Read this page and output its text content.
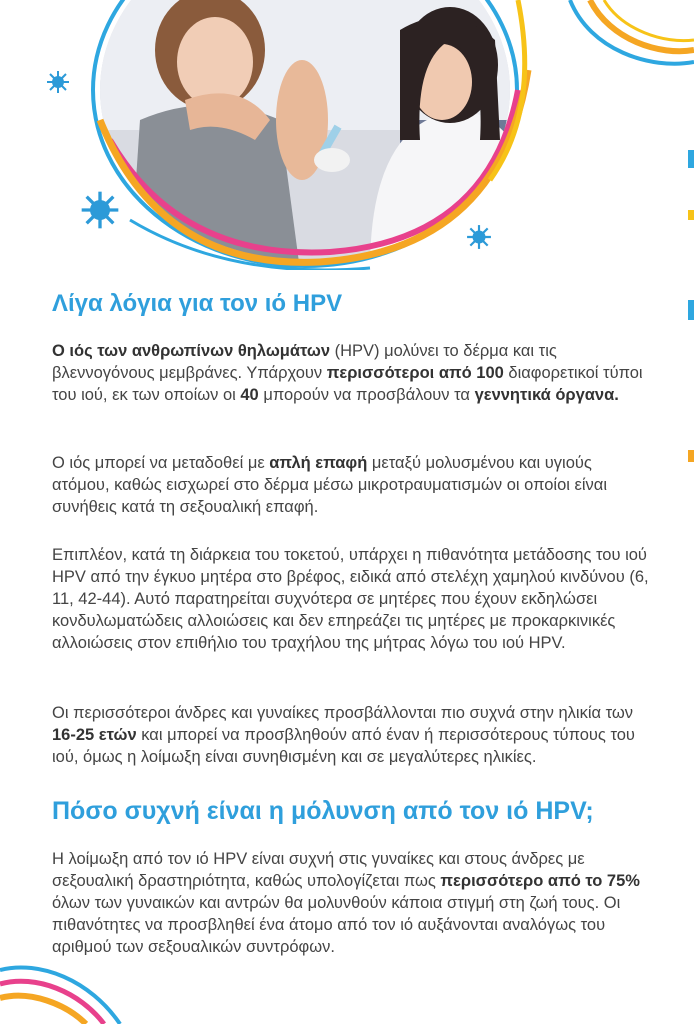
Λίγα λόγια για τον ιό HPV

Ο ιός των ανθρωπίνων θηλωμάτων (HPV) μολύνει το δέρμα και τις βλεννογόνους μεμβράνες. Υπάρχουν περισσότεροι από 100 διαφορετικοί τύποι του ιού, εκ των οποίων οι 40 μπορούν να προσβάλουν τα γεννητικά όργανα.

Ο ιός μπορεί να μεταδοθεί με απλή επαφή μεταξύ μολυσμένου και υγιούς ατόμου, καθώς εισχωρεί στο δέρμα μέσω μικροτραυματισμών οι οποίοι είναι συνήθεις κατά τη σεξουαλική επαφή.

Επιπλέον, κατά τη διάρκεια του τοκετού, υπάρχει η πιθανότητα μετάδοσης του ιού HPV από την έγκυο μητέρα στο βρέφος, ειδικά από στελέχη χαμηλού κινδύνου (6, 11, 42-44). Αυτό παρατηρείται συχνότερα σε μητέρες που έχουν εκδηλώσει κονδυλωματώδεις αλλοιώσεις και δεν επηρεάζει τις μητέρες με προκαρκινικές αλλοιώσεις στον επιθήλιο του τραχήλου της μήτρας λόγω του ιού HPV.

Οι περισσότεροι άνδρες και γυναίκες προσβάλλονται πιο συχνά στην ηλικία των 16-25 ετών και μπορεί να προσβληθούν από έναν ή περισσότερους τύπους του ιού, όμως η λοίμωξη είναι συνηθισμένη και σε μεγαλύτερες ηλικίες.

Πόσο συχνή είναι η μόλυνση από τον ιό HPV;

Η λοίμωξη από τον ιό HPV είναι συχνή στις γυναίκες και στους άνδρες με σεξουαλική δραστηριότητα, καθώς υπολογίζεται πως περισσότερο από το 75% όλων των γυναικών και αντρών θα μολυνθούν κάποια στιγμή στη ζωή τους. Οι πιθανότητες να προσβληθεί ένα άτομο από τον ιό αυξάνονται αναλόγως του αριθμού των σεξουαλικών συντρόφων.
